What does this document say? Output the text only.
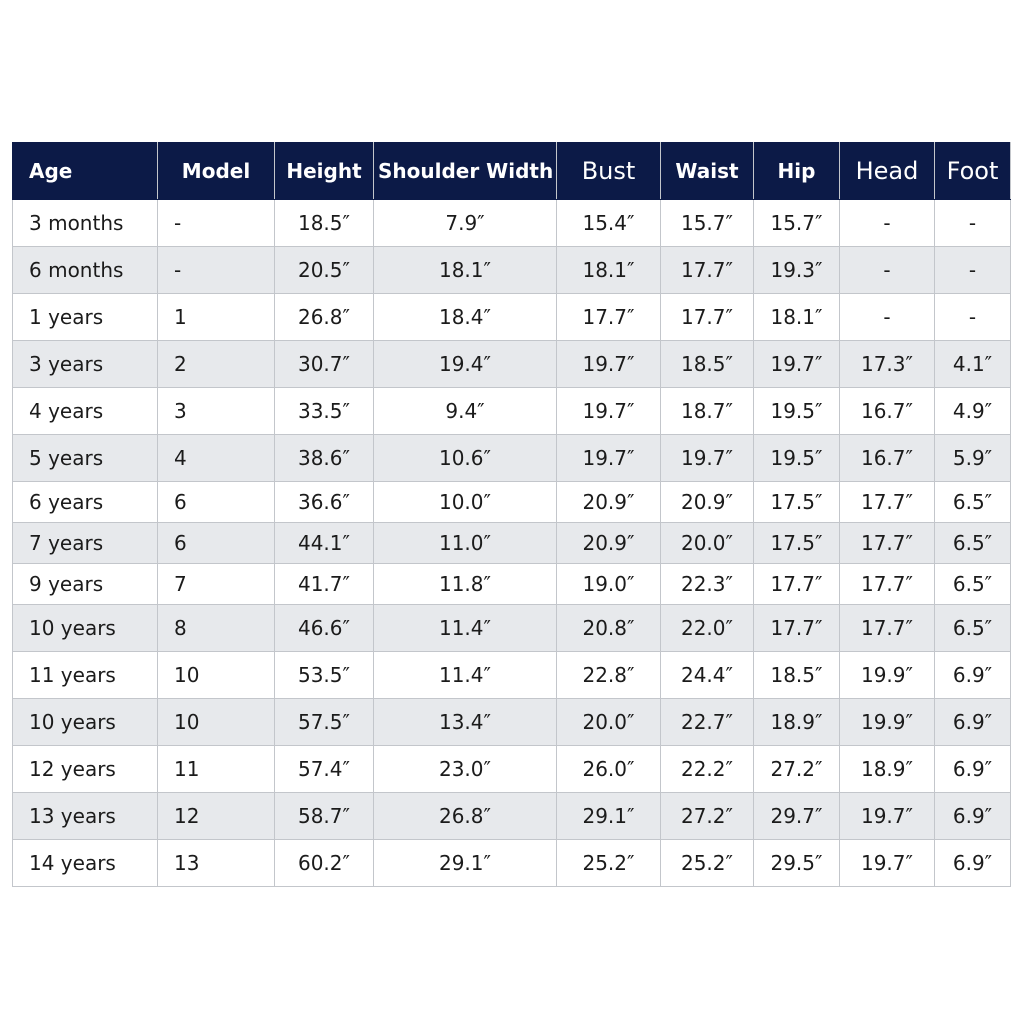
Age	Model	Height	Shoulder Width	Bust	Waist	Hip	Head	Foot
3 months	-	18.5″	7.9″	15.4″	15.7″	15.7″	-	-
6 months	-	20.5″	18.1″	18.1″	17.7″	19.3″	-	-
1 years	1	26.8″	18.4″	17.7″	17.7″	18.1″	-	-
3 years	2	30.7″	19.4″	19.7″	18.5″	19.7″	17.3″	4.1″
4 years	3	33.5″	9.4″	19.7″	18.7″	19.5″	16.7″	4.9″
5 years	4	38.6″	10.6″	19.7″	19.7″	19.5″	16.7″	5.9″
6 years	6	36.6″	10.0″	20.9″	20.9″	17.5″	17.7″	6.5″
7 years	6	44.1″	11.0″	20.9″	20.0″	17.5″	17.7″	6.5″
9 years	7	41.7″	11.8″	19.0″	22.3″	17.7″	17.7″	6.5″
10 years	8	46.6″	11.4″	20.8″	22.0″	17.7″	17.7″	6.5″
11 years	10	53.5″	11.4″	22.8″	24.4″	18.5″	19.9″	6.9″
10 years	10	57.5″	13.4″	20.0″	22.7″	18.9″	19.9″	6.9″
12 years	11	57.4″	23.0″	26.0″	22.2″	27.2″	18.9″	6.9″
13 years	12	58.7″	26.8″	29.1″	27.2″	29.7″	19.7″	6.9″
14 years	13	60.2″	29.1″	25.2″	25.2″	29.5″	19.7″	6.9″
